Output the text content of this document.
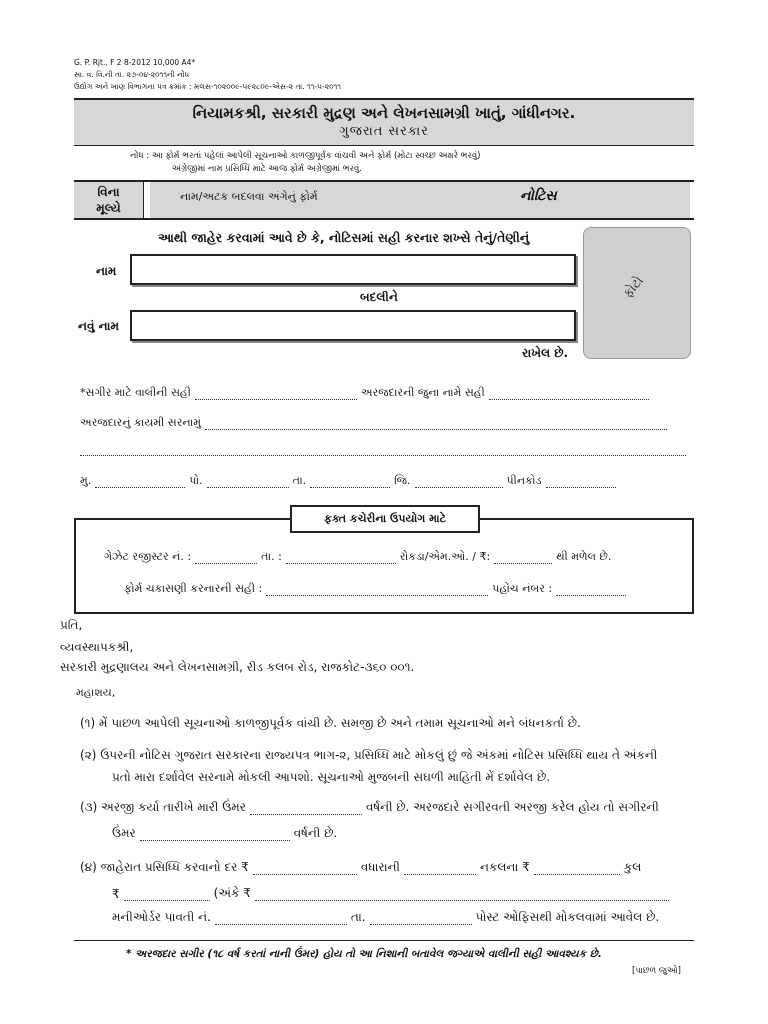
G. P. Rjt., F 2 8-2012 10,000 A4*
સા. વ. વિ.ની તા. ૨૭-૦૪-૨૦૧૧ની નોંધ
ઉદ્યોગ અને ખાણ વિભાગના પત્ર ક્રમાંક : મલસ-૧૦૨૦૦૯-૫૯૨૮૦૯-એસ-૨ તા. ૧૧-૫-૨૦૧૧
નિયામકશ્રી, સરકારી મુદ્રણ અને લેખનસામગ્રી ખાતું, ગાંધીનગર.
ગુજરાત સરકાર
નોંધ : આ ફોર્મ ભરતાં પહેલાં આપેલી સૂચનાઓ કાળજીપૂર્વક વાંચવી અને ફોર્મ (મોટા સ્વચ્છ અક્ષરે ભરવું)
અંગ્રેજીમાં નામ પ્રસિધ્ધિ માટે આજ ફોર્મ અંગ્રેજીમાં ભરવું.
વિના
મૂલ્યે
નામ/અટક બદલવા અંગેનું ફોર્મ	નોટિસ
આથી જાહેર કરવામાં આવે છે કે, નોટિસમાં સહી કરનાર શખ્સે તેનું/તેણીનું
નામ
બદલીને
નવું નામ
રાખેલ છે.
ફોટો
*સગીર માટે વાલીની સહી	અરજદારની જુના નામે સહી
અરજદારનું કાયમી સરનામું
મુ.	પો.	તા.	જિ.	પીનકોડ
ફક્ત કચેરીના ઉપયોગ માટે
ગેઝેટ રજીસ્ટર નં. :	તા. :	રોકડા/એમ.ઓ. / ₹:	થી મળેલ છે.
ફોર્મ ચકાસણી કરનારની સહી :	પહોંચ નંબર :
પ્રતિ,
વ્યવસ્થાપકશ્રી,
સરકારી મુદ્રણાલય અને લેખનસામગ્રી, રીડ કલબ રોડ, રાજકોટ-૩૬૦ ૦૦૧.
મહાશય,
(૧) મેં પાછળ આપેલી સૂચનાઓ કાળજીપૂર્વક વાંચી છે. સમજી છે અને તમામ સૂચનાઓ મને બંધનકર્તા છે.
(૨) ઉપરની નોટિસ ગુજરાત સરકારના રાજ્યપત્ર ભાગ-૨, પ્રસિધ્ધિ માટે મોકલું છું જે અંકમાં નોટિસ પ્રસિધ્ધિ થાય તે અંકની
પ્રતો મારા દર્શાવેલ સરનામે મોકલી આપશો. સૂચનાઓ મુજબની સઘળી માહિતી મેં દર્શાવેલ છે.
(૩) અરજી કર્યા તારીખે મારી ઉંમર	વર્ષની છે. અરજદારે સગીરવતી અરજી કરેલ હોય તો સગીરની
ઉંમર	વર્ષની છે.
(૪) જાહેરાત પ્રસિધ્ધિ કરવાનો દર ₹	વધારાની	નકલના ₹	કુલ
₹	(અંકે ₹
મનીઓર્ડર પાવતી નં.	તા.	પોસ્ટ ઓફિસથી મોકલવામાં આવેલ છે.
* અરજદાર સગીર (૧૮ વર્ષ કરતાં નાની ઉંમર) હોય તો આ નિશાની બતાવેલ જગ્યાએ વાલીની સહી આવશ્યક છે.
[પાછળ જુઓ]
